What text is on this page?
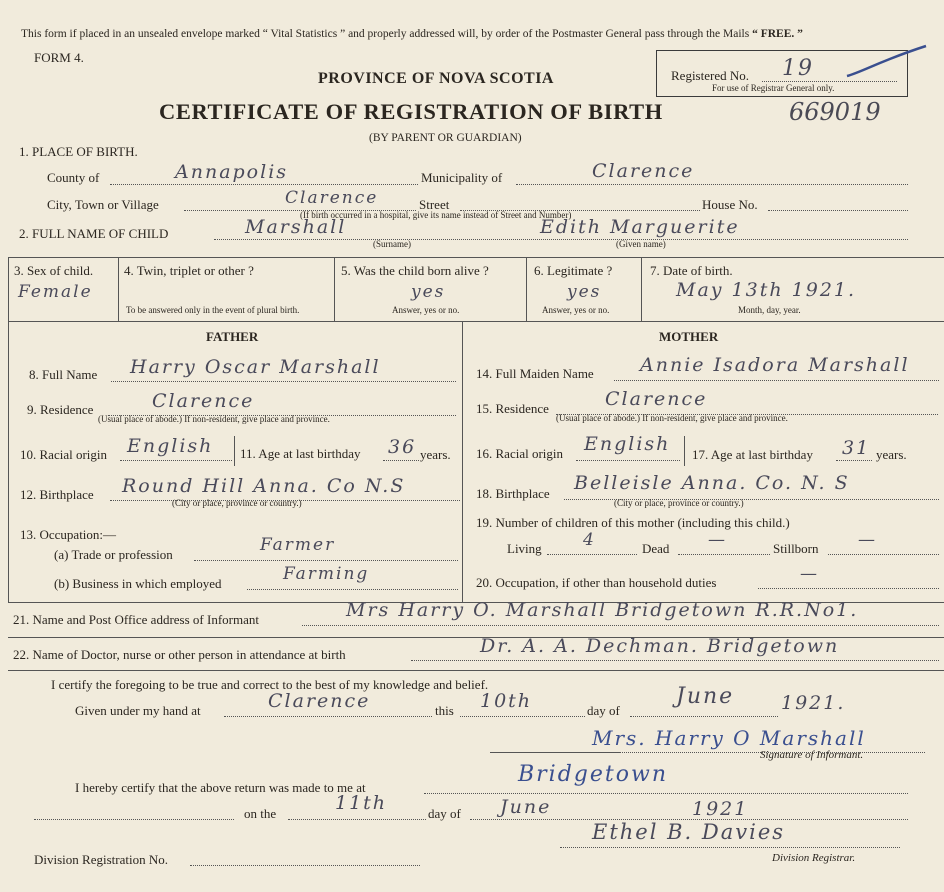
This form if placed in an unsealed envelope marked “ Vital Statistics ” and properly addressed will, by order of the Postmaster General pass through the Mails “ FREE. ”
FORM 4.
Registered No. 19
For use of Registrar General only.
PROVINCE OF NOVA SCOTIA
CERTIFICATE OF REGISTRATION OF BIRTH	669019
(BY PARENT OR GUARDIAN)
1. PLACE OF BIRTH.
County of	Annapolis	Municipality of	Clarence
City, Town or Village	Clarence	Street	House No.
(If birth occurred in a hospital, give its name instead of Street and Number)
2. FULL NAME OF CHILD	Marshall
(Surname)
Edith Marguerite
(Given name)
3. Sex of child.
Female
4. Twin, triplet or other ?
To be answered only in the event of plural birth.
5. Was the child born alive ?
yes
Answer, yes or no.
6. Legitimate ?
yes
Answer, yes or no.
7. Date of birth.
May 13th 1921.
Month, day, year.
FATHER	MOTHER
8. Full Name Harry Oscar Marshall
9. Residence	Clarence
(Usual place of abode.) If non-resident, give place and province.
10. Racial origin English 11. Age at last birthday 36 years.
12. Birthplace Round Hill Anna. Co N.S
(City or place, province or country.)
13. Occupation:—
(a) Trade or profession	Farmer
(b) Business in which employed	Farming
14. Full Maiden Name Annie Isadora Marshall
15. Residence	Clarence
(Usual place of abode.) If non-resident, give place and province.
16. Racial origin English 17. Age at last birthday 31 years.
18. Birthplace Belleisle Anna. Co. N. S
(City or place, province or country.)
19. Number of children of this mother (including this child.)
Living 4	Dead —	Stillborn —
20. Occupation, if other than household duties	—
21. Name and Post Office address of Informant	Mrs Harry O. Marshall Bridgetown R.R.No1.
22. Name of Doctor, nurse or other person in attendance at birth	Dr. A. A. Dechman. Bridgetown
I certify the foregoing to be true and correct to the best of my knowledge and belief.
Given under my hand at	Clarence	this 10th	day of
June 1921.
Mrs. Harry O Marshall
Signature of Informant.
I hereby certify that the above return was made to me at
Bridgetown
on the	11th	day of June	1921
Ethel B. Davies
Division Registration No.	Division Registrar.
